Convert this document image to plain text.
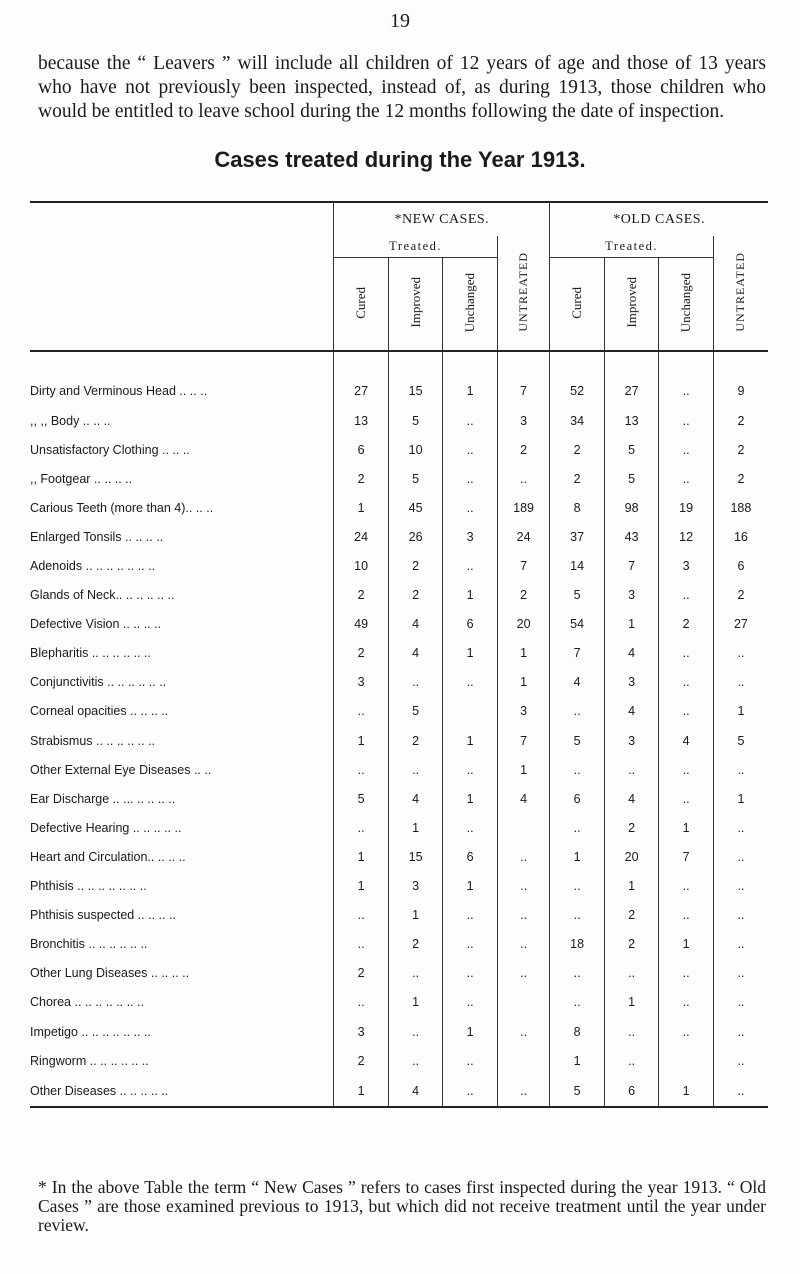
19
because the “ Leavers ” will include all children of 12 years of age and those of 13 years who have not previously been inspected, instead of, as during 1913, those children who would be entitled to leave school during the 12 months following the date of inspection.
Cases treated during the Year 1913.
	*NEW CASES.				*OLD CASES.			
	Treated.			UNTREATED	Treated.			UNTREATED
	Cured	Improved	Unchanged		Cured	Improved	Unchanged	
Dirty and Verminous Head .. .. ..	27	15	1	7	52	27	..	9
,, ,, Body .. .. ..	13	5	..	3	34	13	..	2
Unsatisfactory Clothing .. .. ..	6	10	..	2	2	5	..	2
,, Footgear .. .. .. ..	2	5	..	..	2	5	..	2
Carious Teeth (more than 4).. .. ..	1	45	..	189	8	98	19	188
Enlarged Tonsils .. .. .. ..	24	26	3	24	37	43	12	16
Adenoids .. .. .. .. .. .. ..	10	2	..	7	14	7	3	6
Glands of Neck.. .. .. .. .. ..	2	2	1	2	5	3	..	2
Defective Vision .. .. .. ..	49	4	6	20	54	1	2	27
Blepharitis .. .. .. .. .. ..	2	4	1	1	7	4	..	..
Conjunctivitis .. .. .. .. .. ..	3	..	..	1	4	3	..	..
Corneal opacities .. .. .. ..	..	5		3	..	4	..	1
Strabismus .. .. .. .. .. ..	1	2	1	7	5	3	4	5
Other External Eye Diseases .. ..	..	..	..	1	..	..	..	..
Ear Discharge .. ... .. .. .. ..	5	4	1	4	6	4	..	1
Defective Hearing .. .. .. .. ..	..	1	..		..	2	1	..
Heart and Circulation.. .. .. ..	1	15	6	..	1	20	7	..
Phthisis .. .. .. .. .. .. ..	1	3	1	..	..	1	..	..
Phthisis suspected .. .. .. ..	..	1	..	..	..	2	..	..
Bronchitis .. .. .. .. .. ..	..	2	..	..	18	2	1	..
Other Lung Diseases .. .. .. ..	2	..	..	..	..	..	..	..
Chorea .. .. .. .. .. .. ..	..	1	..		..	1	..	..
Impetigo .. .. .. .. .. .. ..	3	..	1	..	8	..	..	..
Ringworm .. .. .. .. .. ..	2	..	..		1	..		..
Other Diseases .. .. .. .. ..	1	4	..	..	5	6	1	..
* In the above Table the term “ New Cases ” refers to cases first inspected during the year 1913. “ Old Cases ” are those examined previous to 1913, but which did not receive treatment until the year under review.
